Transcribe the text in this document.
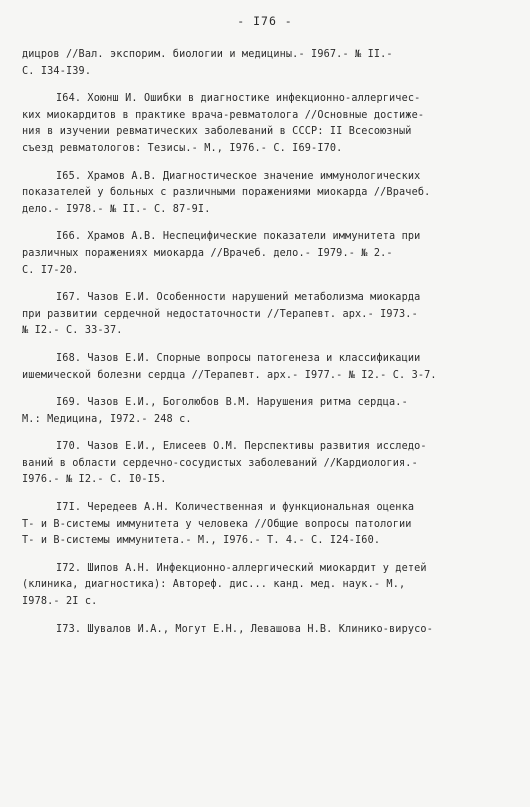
- I76 -
дицров //Вал. экспорим. биологии и медицины.- I967.- № II.-
С. I34-I39.
I64. Хоюнш И. Ошибки в диагностике инфекционно-аллергичес-
ких миокардитов в практике врача-ревматолога //Основные достиже-
ния в изучении ревматических заболеваний в СССР: II Всесоюзный
съезд ревматологов: Тезисы.- М., I976.- С. I69-I70.
I65. Храмов А.В. Диагностическое значение иммунологических
показателей у больных с различными поражениями миокарда //Врачеб.
дело.- I978.- № II.- С. 87-9I.
I66. Храмов А.В. Неспецифические показатели иммунитета при
различных поражениях миокарда //Врачеб. дело.- I979.- № 2.-
С. I7-20.
I67. Чазов Е.И. Особенности нарушений метаболизма миокарда
при развитии сердечной недостаточности //Терапевт. арх.- I973.-
№ I2.- С. 33-37.
I68. Чазов Е.И. Спорные вопросы патогенеза и классификации
ишемической болезни сердца //Терапевт. арх.- I977.- № I2.- С. 3-7.
I69. Чазов Е.И., Боголюбов В.М. Нарушения ритма сердца.-
М.: Медицина, I972.- 248 с.
I70. Чазов Е.И., Елисеев О.М. Перспективы развития исследо-
ваний в области сердечно-сосудистых заболеваний //Кардиология.-
I976.- № I2.- С. I0-I5.
I7I. Чередеев А.Н. Количественная и функциональная оценка
Т- и В-системы иммунитета у человека //Общие вопросы патологии
Т- и В-системы иммунитета.- М., I976.- Т. 4.- С. I24-I60.
I72. Шипов А.Н. Инфекционно-аллергический миокардит у детей
(клиника, диагностика): Автореф. дис... канд. мед. наук.- М.,
I978.- 2I с.
I73. Шувалов И.А., Могут Е.Н., Левашова Н.В. Клинико-вирусо-
